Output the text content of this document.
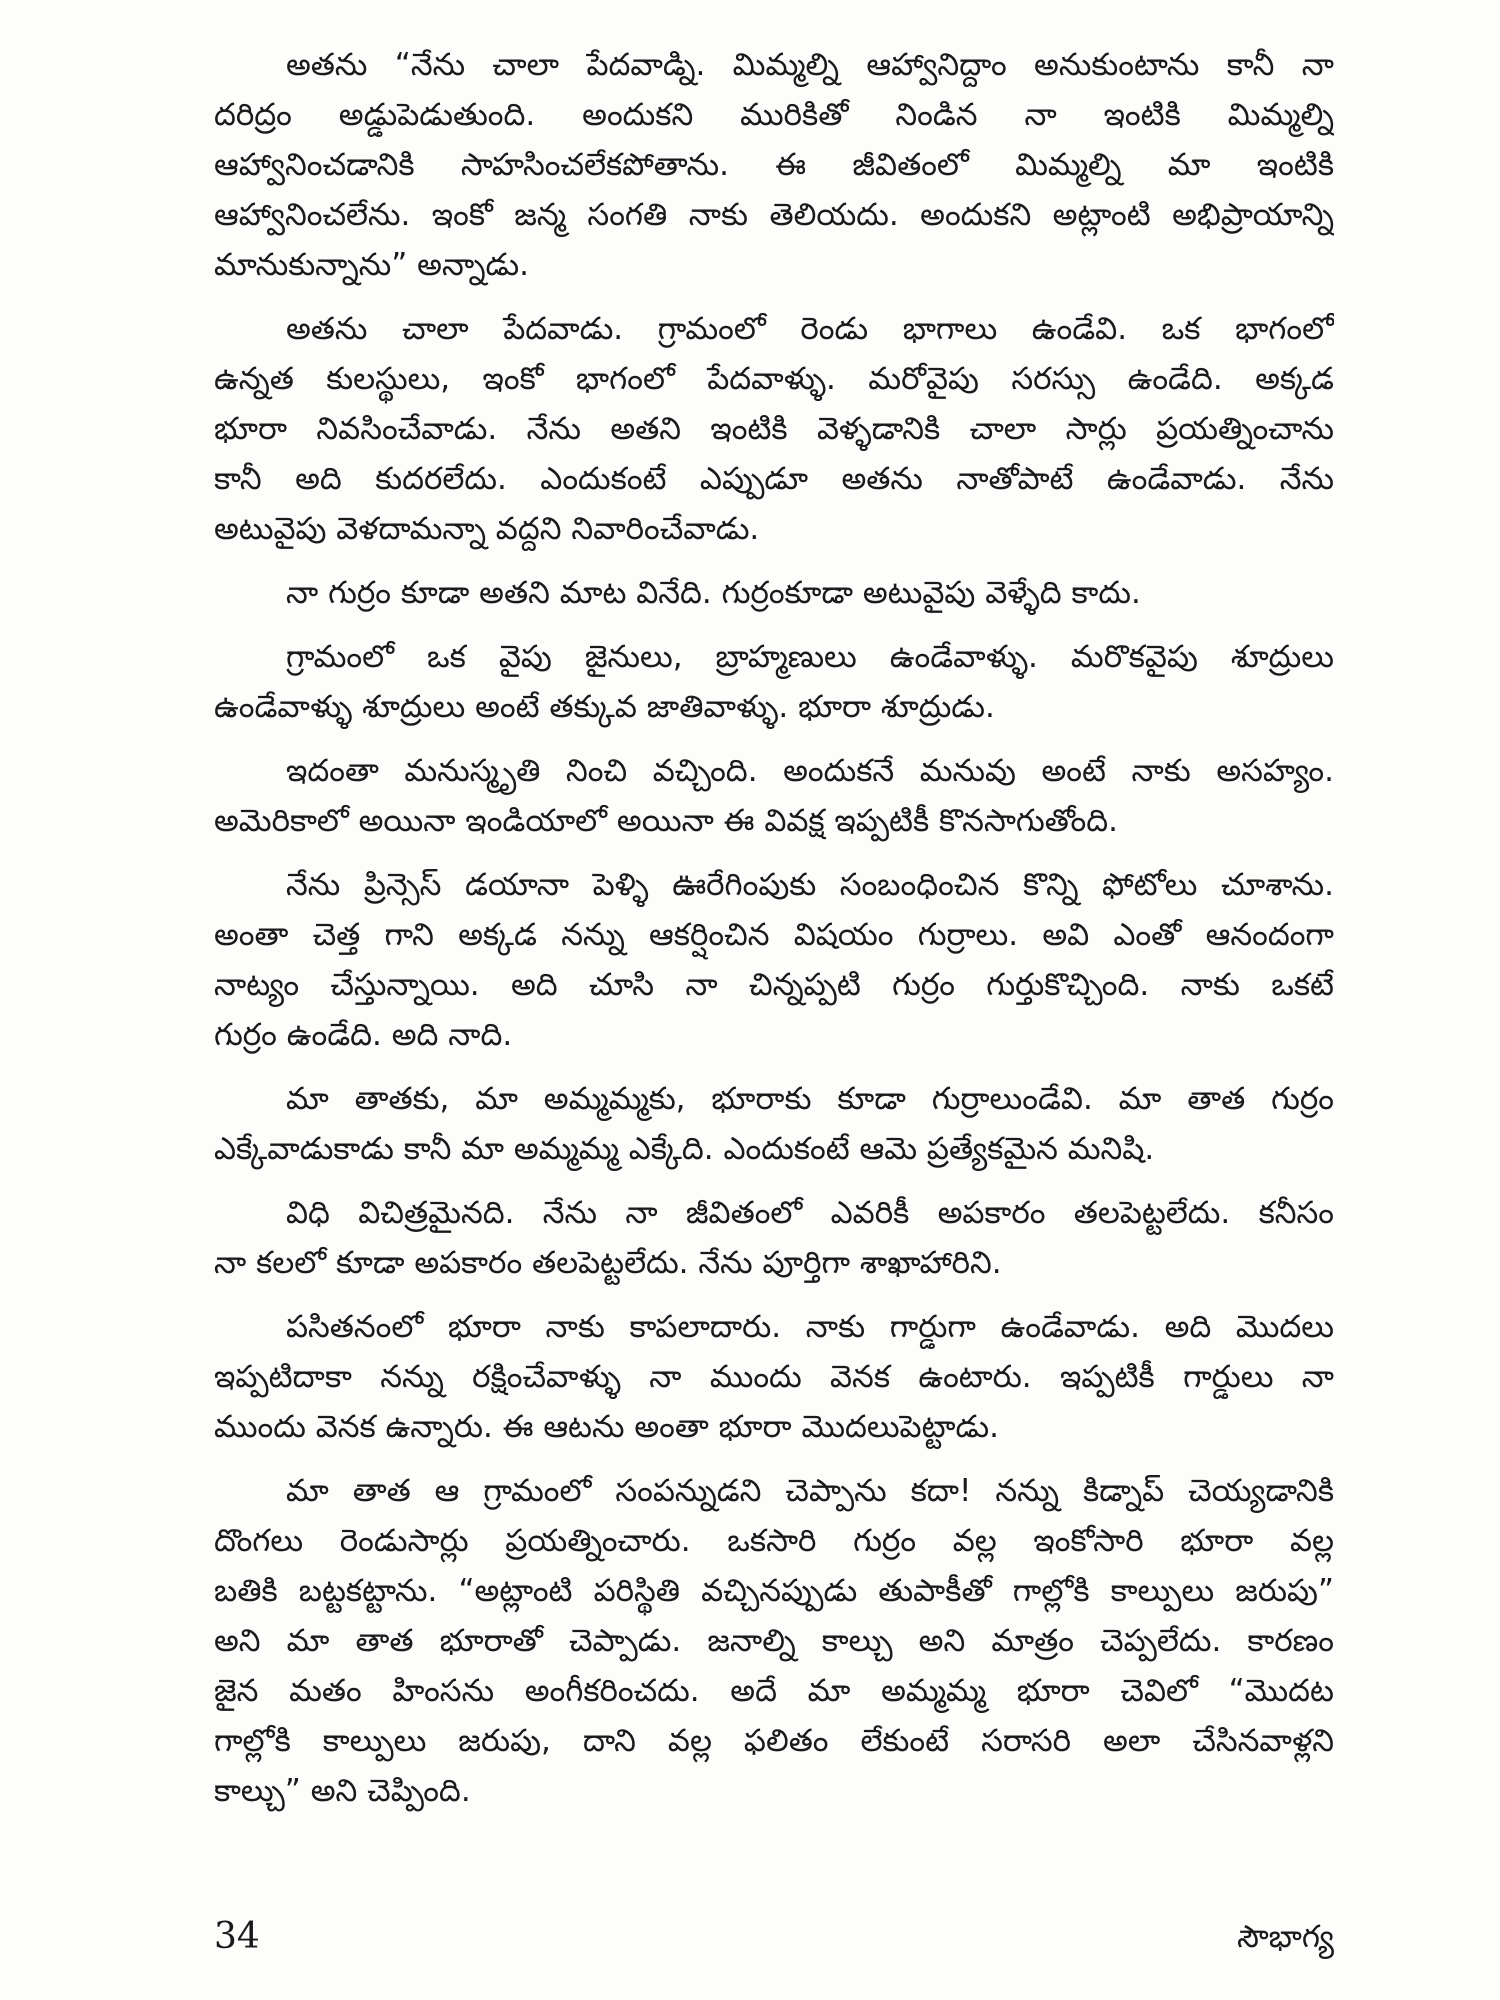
అతను “నేను చాలా పేదవాడ్ని. మిమ్మల్ని ఆహ్వానిద్దాం అనుకుంటాను కానీ నా
దరిద్రం అడ్డుపెడుతుంది. అందుకని మురికితో నిండిన నా ఇంటికి మిమ్మల్ని
ఆహ్వానించడానికి సాహసించలేకపోతాను. ఈ జీవితంలో మిమ్మల్ని మా ఇంటికి
ఆహ్వానించలేను. ఇంకో జన్మ సంగతి నాకు తెలియదు. అందుకని అట్లాంటి అభిప్రాయాన్ని
మానుకున్నాను” అన్నాడు.
అతను చాలా పేదవాడు. గ్రామంలో రెండు భాగాలు ఉండేవి. ఒక భాగంలో
ఉన్నత కులస్థులు, ఇంకో భాగంలో పేదవాళ్ళు. మరోవైపు సరస్సు ఉండేది. అక్కడ
భూరా నివసించేవాడు. నేను అతని ఇంటికి వెళ్ళడానికి చాలా సార్లు ప్రయత్నించాను
కానీ అది కుదరలేదు. ఎందుకంటే ఎప్పుడూ అతను నాతోపాటే ఉండేవాడు. నేను
అటువైపు వెళదామన్నా వద్దని నివారించేవాడు.
నా గుర్రం కూడా అతని మాట వినేది. గుర్రంకూడా అటువైపు వెళ్ళేది కాదు.
గ్రామంలో ఒక వైపు జైనులు, బ్రాహ్మణులు ఉండేవాళ్ళు. మరొకవైపు శూద్రులు
ఉండేవాళ్ళు శూద్రులు అంటే తక్కువ జాతివాళ్ళు. భూరా శూద్రుడు.
ఇదంతా మనుస్మృతి నించి వచ్చింది. అందుకనే మనువు అంటే నాకు అసహ్యం.
అమెరికాలో అయినా ఇండియాలో అయినా ఈ వివక్ష ఇప్పటికీ కొనసాగుతోంది.
నేను ప్రిన్సెస్ డయానా పెళ్ళి ఊరేగింపుకు సంబంధించిన కొన్ని ఫోటోలు చూశాను.
అంతా చెత్త గాని అక్కడ నన్ను ఆకర్షించిన విషయం గుర్రాలు. అవి ఎంతో ఆనందంగా
నాట్యం చేస్తున్నాయి. అది చూసి నా చిన్నప్పటి గుర్రం గుర్తుకొచ్చింది. నాకు ఒకటే
గుర్రం ఉండేది. అది నాది.
మా తాతకు, మా అమ్మమ్మకు, భూరాకు కూడా గుర్రాలుండేవి. మా తాత గుర్రం
ఎక్కేవాడుకాడు కానీ మా అమ్మమ్మ ఎక్కేది. ఎందుకంటే ఆమె ప్రత్యేకమైన మనిషి.
విధి విచిత్రమైనది. నేను నా జీవితంలో ఎవరికీ అపకారం తలపెట్టలేదు. కనీసం
నా కలలో కూడా అపకారం తలపెట్టలేదు. నేను పూర్తిగా శాఖాహారిని.
పసితనంలో భూరా నాకు కాపలాదారు. నాకు గార్డుగా ఉండేవాడు. అది మొదలు
ఇప్పటిదాకా నన్ను రక్షించేవాళ్ళు నా ముందు వెనక ఉంటారు. ఇప్పటికీ గార్డులు నా
ముందు వెనక ఉన్నారు. ఈ ఆటను అంతా భూరా మొదలుపెట్టాడు.
మా తాత ఆ గ్రామంలో సంపన్నుడని చెప్పాను కదా! నన్ను కిడ్నాప్ చెయ్యడానికి
దొంగలు రెండుసార్లు ప్రయత్నించారు. ఒకసారి గుర్రం వల్ల ఇంకోసారి భూరా వల్ల
బతికి బట్టకట్టాను. “అట్లాంటి పరిస్థితి వచ్చినప్పుడు తుపాకీతో గాల్లోకి కాల్పులు జరుపు”
అని మా తాత భూరాతో చెప్పాడు. జనాల్ని కాల్చు అని మాత్రం చెప్పలేదు. కారణం
జైన మతం హింసను అంగీకరించదు. అదే మా అమ్మమ్మ భూరా చెవిలో “మొదట
గాల్లోకి కాల్పులు జరుపు, దాని వల్ల ఫలితం లేకుంటే సరాసరి అలా చేసినవాళ్లని
కాల్చు” అని చెప్పింది.
34	సౌభాగ్య
